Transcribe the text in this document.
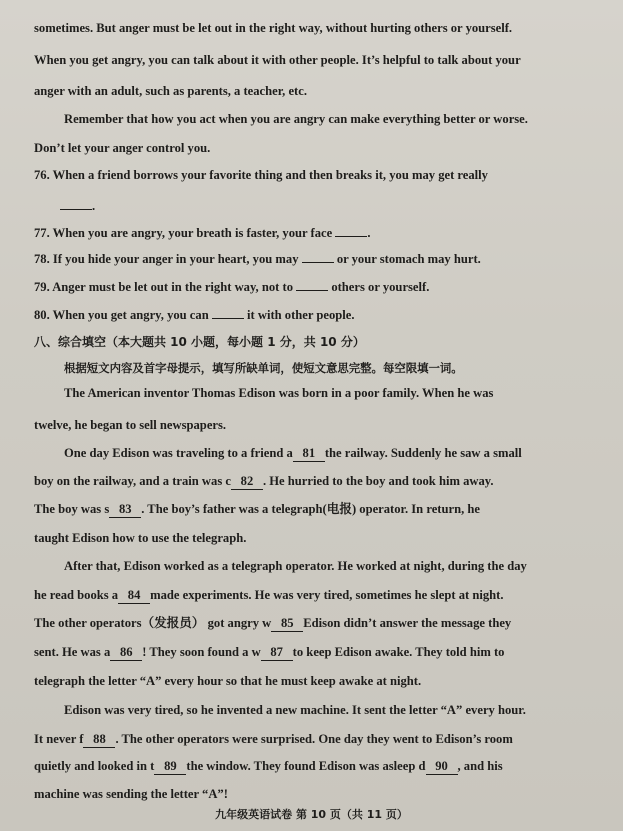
sometimes. But anger must be let out in the right way, without hurting others or yourself.
When you get angry, you can talk about it with other people. It’s helpful to talk about your
anger with an adult, such as parents, a teacher, etc.
Remember that how you act when you are angry can make everything better or worse.
Don’t let your anger control you.
76. When a friend borrows your favorite thing and then breaks it, you may get really
.
77. When you are angry, your breath is faster, your face	.
78. If you hide your anger in your heart, you may	or your stomach may hurt.
79. Anger must be let out in the right way, not to	others or yourself.
80. When you get angry, you can	it with other people.
八、综合填空（本大题共 10 小题，每小题 1 分，共 10 分）
根据短文内容及首字母提示，填写所缺单词，使短文意思完整。每空限填一词。
The American inventor Thomas Edison was born in a poor family. When he was
twelve, he began to sell newspapers.
One day Edison was traveling to a friend a 81 the railway. Suddenly he saw a small
boy on the railway, and a train was c 82 . He hurried to the boy and took him away.
The boy was s 83 . The boy’s father was a telegraph(电报) operator. In return, he
taught Edison how to use the telegraph.
After that, Edison worked as a telegraph operator. He worked at night, during the day
he read books a 84 made experiments. He was very tired, sometimes he slept at night.
The other operators（发报员） got angry w 85 Edison didn’t answer the message they
sent. He was a 86 ! They soon found a w 87 to keep Edison awake. They told him to
telegraph the letter “A” every hour so that he must keep awake at night.
Edison was very tired, so he invented a new machine. It sent the letter “A” every hour.
It never f 88 . The other operators were surprised. One day they went to Edison’s room
quietly and looked in t 89 the window. They found Edison was asleep d 90 , and his
machine was sending the letter “A”!
九年级英语试卷 第 10 页（共 11 页）
